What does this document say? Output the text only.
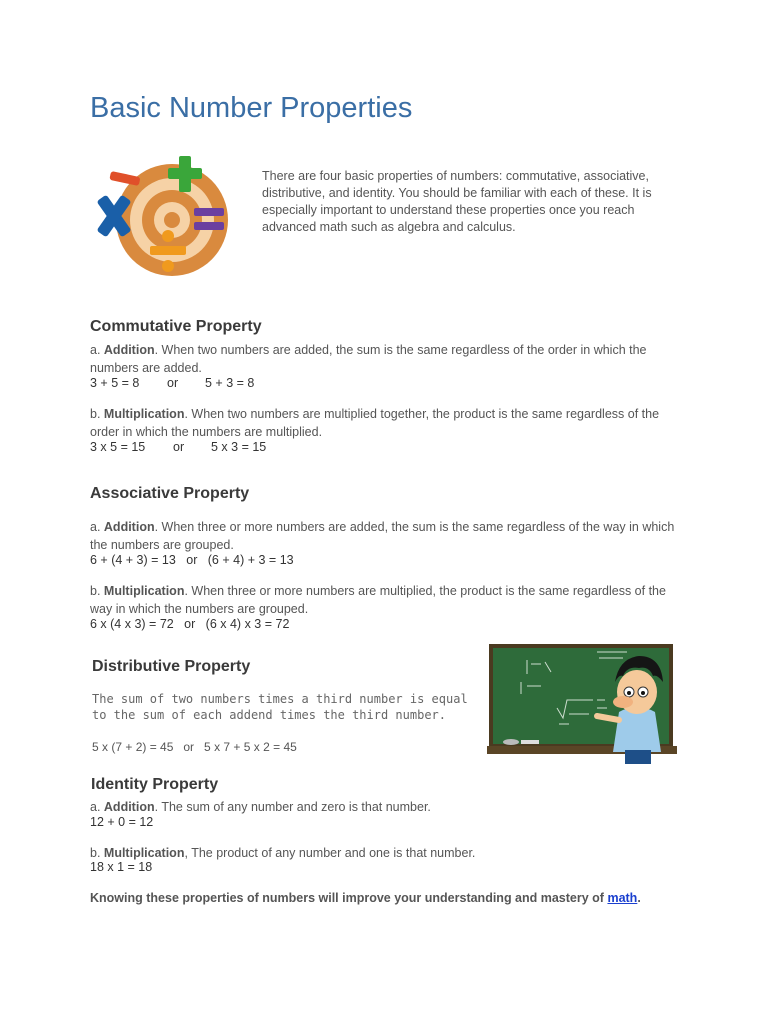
Basic Number Properties
There are four basic properties of numbers: commutative, associative, distributive, and identity. You should be familiar with each of these. It is especially important to understand these properties once you reach advanced math such as algebra and calculus.
Commutative Property
a. Addition. When two numbers are added, the sum is the same regardless of the order in which the numbers are added.
3 + 5 = 8 or 5 + 3 = 8
b. Multiplication. When two numbers are multiplied together, the product is the same regardless of the order in which the numbers are multiplied.
3 x 5 = 15 or 5 x 3 = 15
Associative Property
a. Addition. When three or more numbers are added, the sum is the same regardless of the way in which the numbers are grouped.
6 + (4 + 3) = 13   or   (6 + 4) + 3 = 13
b. Multiplication. When three or more numbers are multiplied, the product is the same regardless of the way in which the numbers are grouped.
6 x (4 x 3) = 72   or   (6 x 4) x 3 = 72
Distributive Property
The sum of two numbers times a third number is equal
to the sum of each addend times the third number.
5 x (7 + 2) = 45   or   5 x 7 + 5 x 2 = 45
Identity Property
a. Addition. The sum of any number and zero is that number.
12 + 0 = 12
b. Multiplication, The product of any number and one is that number.
18 x 1 = 18
Knowing these properties of numbers will improve your understanding and mastery of math.
